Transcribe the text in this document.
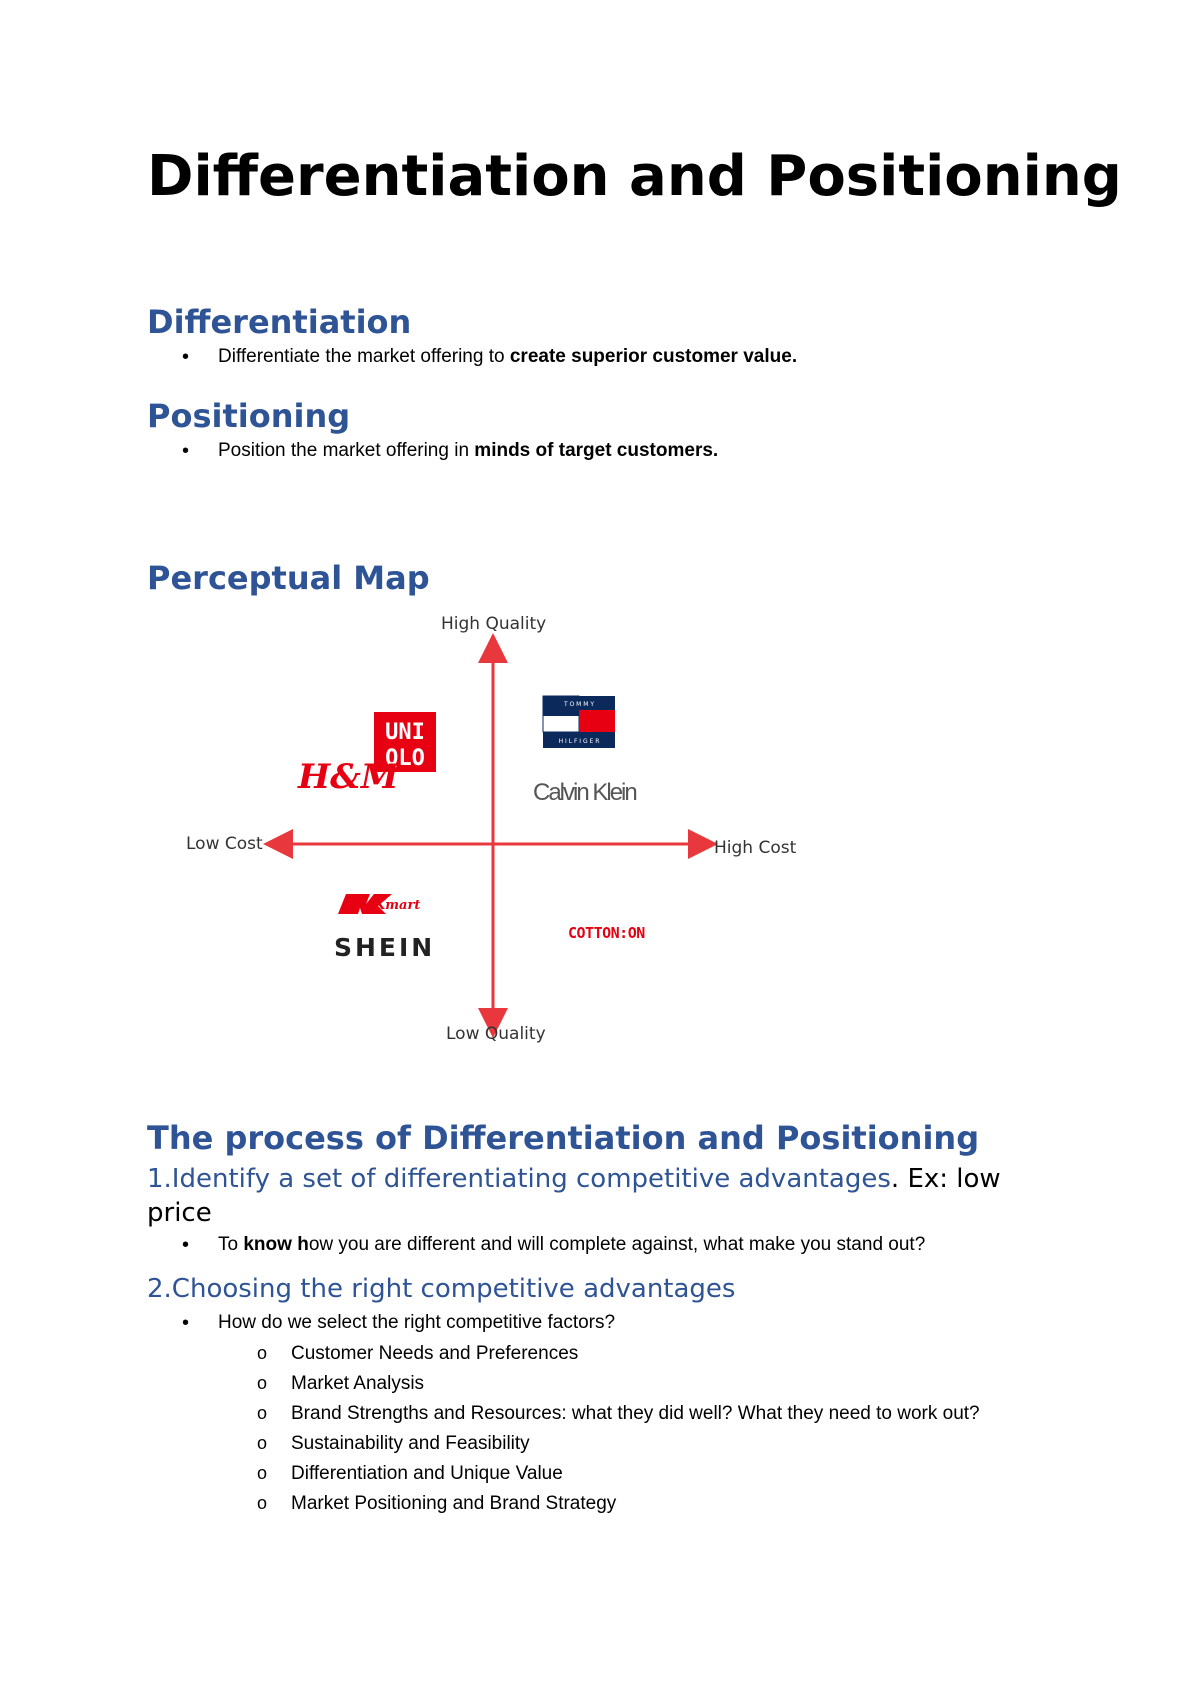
Differentiation and Positioning
Differentiation

• Differentiate the market offering to create superior customer value.

Positioning

• Position the market offering in minds of target customers.

Perceptual Map
UNI
QLO
H&M
T O M M Y
H I L F I G E R
Calvin Klein
Kmart
SHEIN	COTTON:ON
High Quality
Low Quality
Low Cost	High Cost
The process of Differentiation and Positioning
1.Identify a set of differentiating competitive advantages. Ex: low price

• To know how you are different and will complete against, what make you stand out?

2.Choosing the right competitive advantages

• How do we select the right competitive factors?

o Customer Needs and Preferences

o Market Analysis

o Brand Strengths and Resources: what they did well? What they need to work out?

o Sustainability and Feasibility

o Differentiation and Unique Value

o Market Positioning and Brand Strategy
